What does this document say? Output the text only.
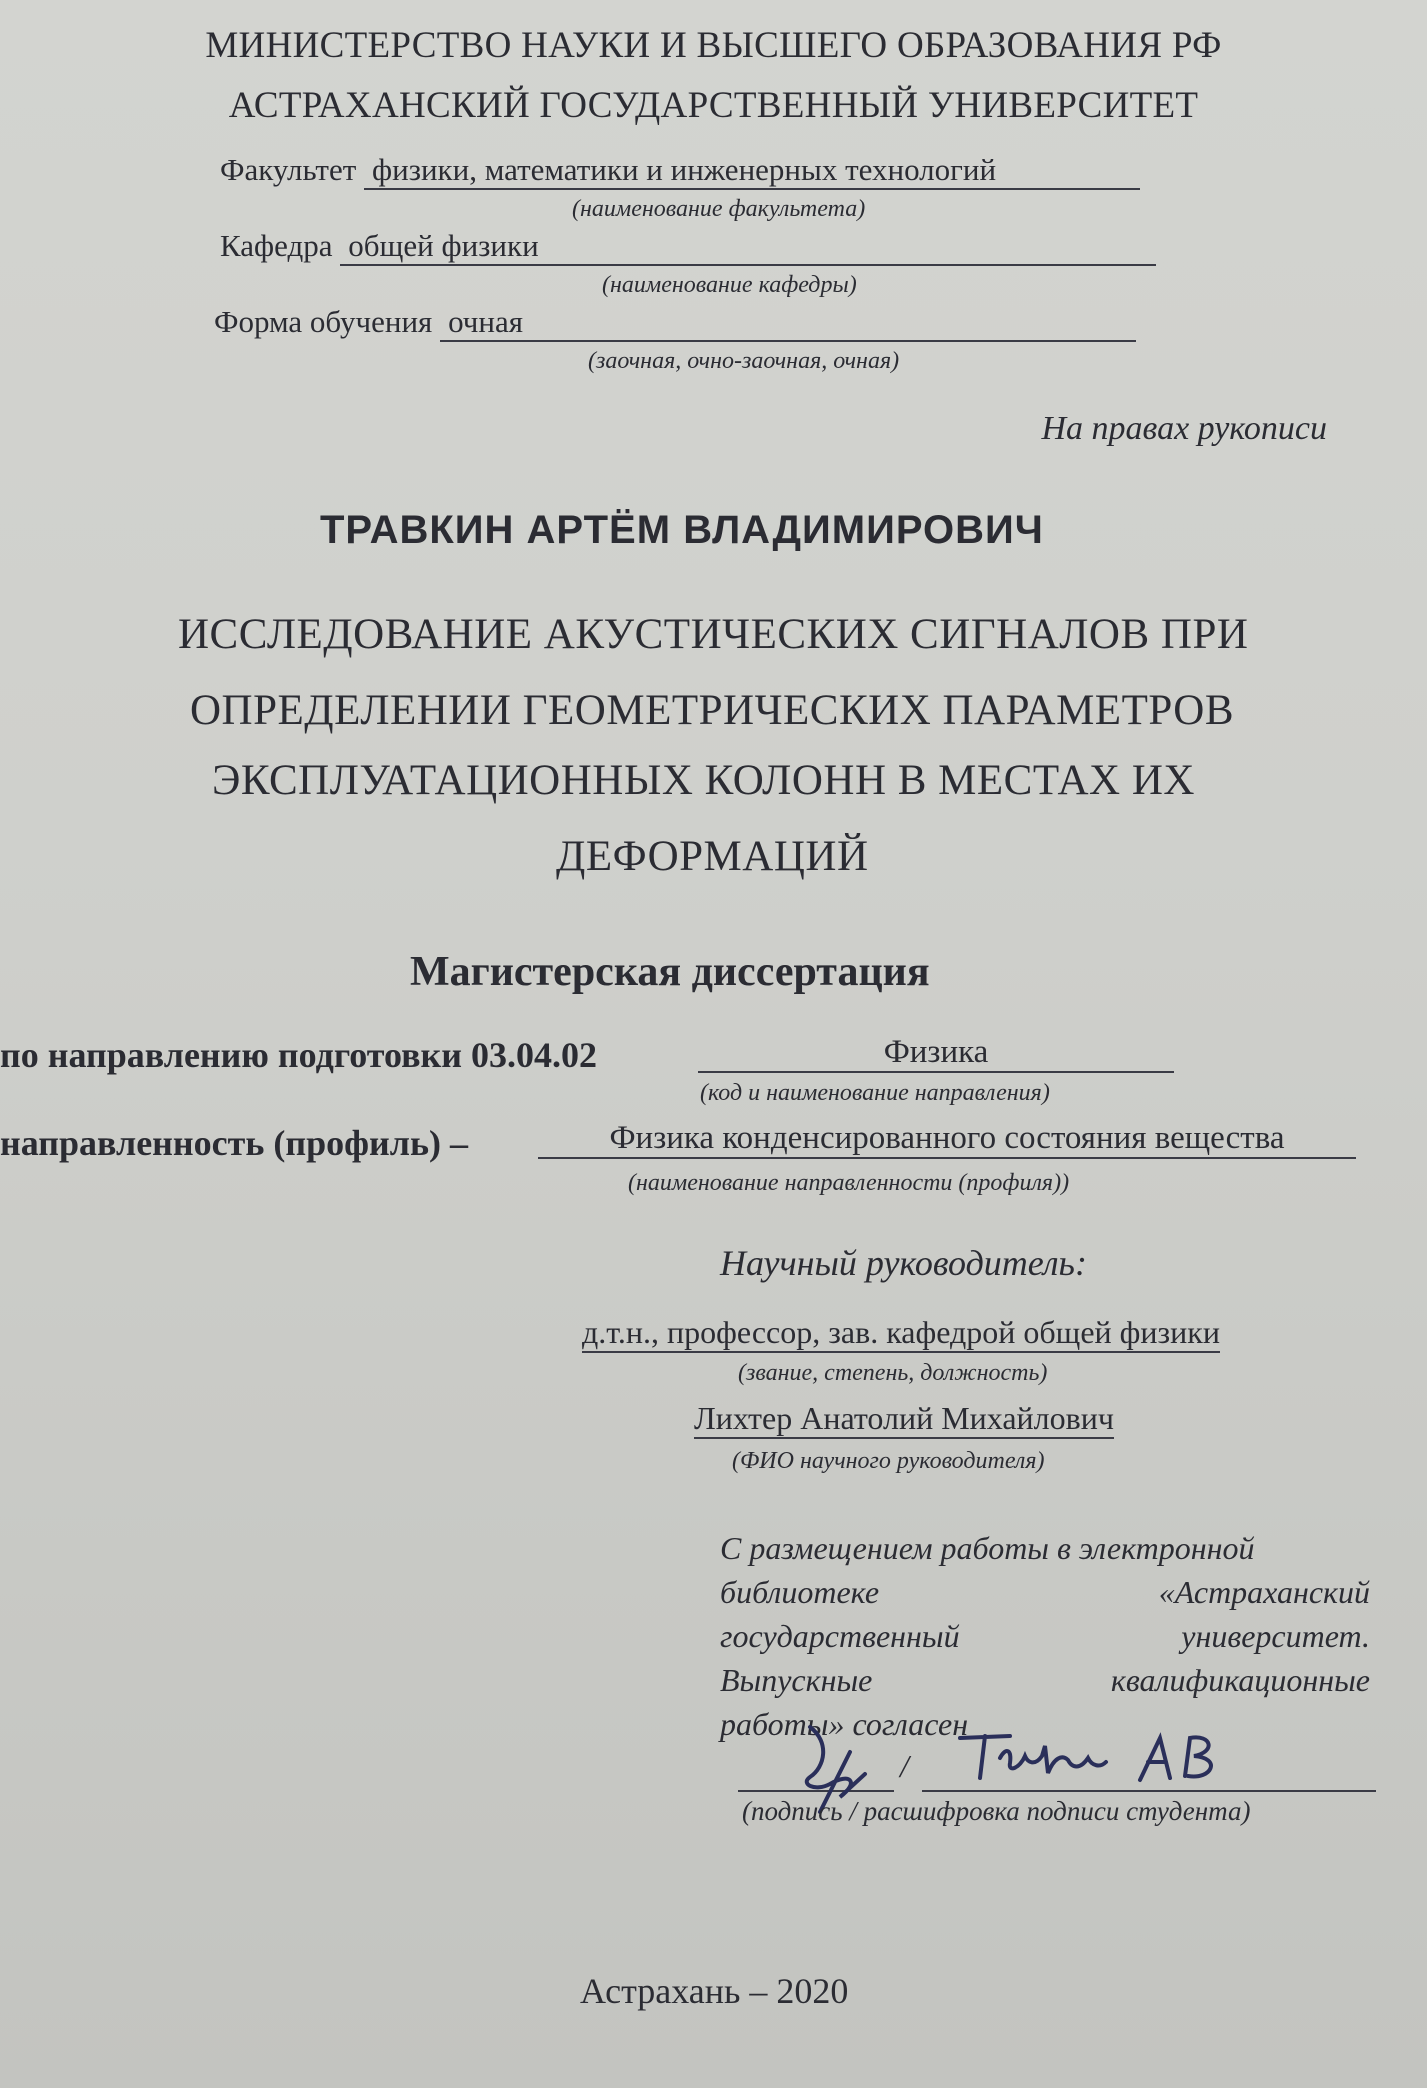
МИНИСТЕРСТВО НАУКИ И ВЫСШЕГО ОБРАЗОВАНИЯ РФ
АСТРАХАНСКИЙ ГОСУДАРСТВЕННЫЙ УНИВЕРСИТЕТ
Факультет физики, математики и инженерных технологий
(наименование факультета)
Кафедра общей физики
(наименование кафедры)
Форма обучения очная
(заочная, очно-заочная, очная)
На правах рукописи
ТРАВКИН АРТЁМ ВЛАДИМИРОВИЧ
ИССЛЕДОВАНИЕ АКУСТИЧЕСКИХ СИГНАЛОВ ПРИ
ОПРЕДЕЛЕНИИ ГЕОМЕТРИЧЕСКИХ ПАРАМЕТРОВ
ЭКСПЛУАТАЦИОННЫХ КОЛОНН В МЕСТАХ ИХ
ДЕФОРМАЦИЙ
Магистерская диссертация
по направлению подготовки 03.04.02	Физика
(код и наименование направления)
направленность (профиль) –	Физика конденсированного состояния вещества
(наименование направленности (профиля))
Научный руководитель:
д.т.н., профессор, зав. кафедрой общей физики
(звание, степень, должность)
Лихтер Анатолий Михайлович
(ФИО научного руководителя)
С размещением работы в электронной
библиотеке	«Астраханский
государственный	университет.
Выпускные	квалификационные
работы» согласен
/
(подпись / расшифровка подписи студента)
Астрахань – 2020
